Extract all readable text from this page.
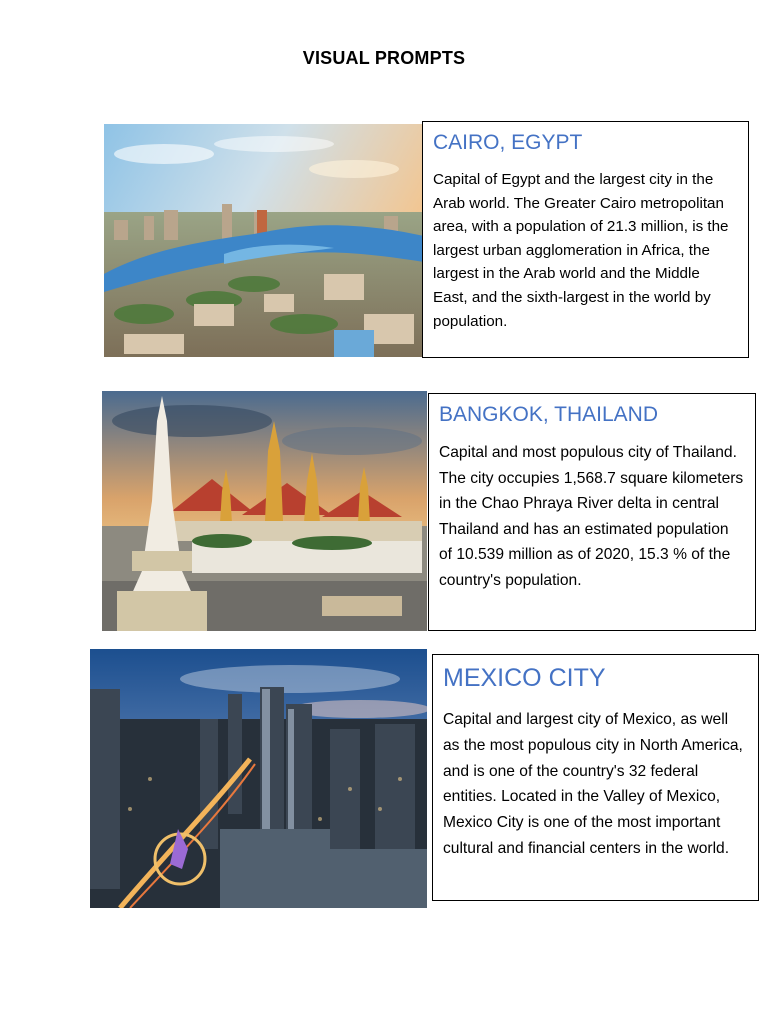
VISUAL PROMPTS
CAIRO, EGYPT

Capital of Egypt and the largest city in the Arab world. The Greater Cairo metropolitan area, with a population of 21.3 million, is the largest urban agglomeration in Africa, the largest in the Arab world and the Middle East, and the sixth-largest in the world by population.

BANGKOK, THAILAND

Capital and most populous city of Thailand. The city occupies 1,568.7 square kilometers in the Chao Phraya River delta in central Thailand and has an estimated population of 10.539 million as of 2020, 15.3 % of the country's population.

MEXICO CITY

Capital and largest city of Mexico, as well as the most populous city in North America, and is one of the country's 32 federal entities. Located in the Valley of Mexico, Mexico City is one of the most important cultural and financial centers in the world.
